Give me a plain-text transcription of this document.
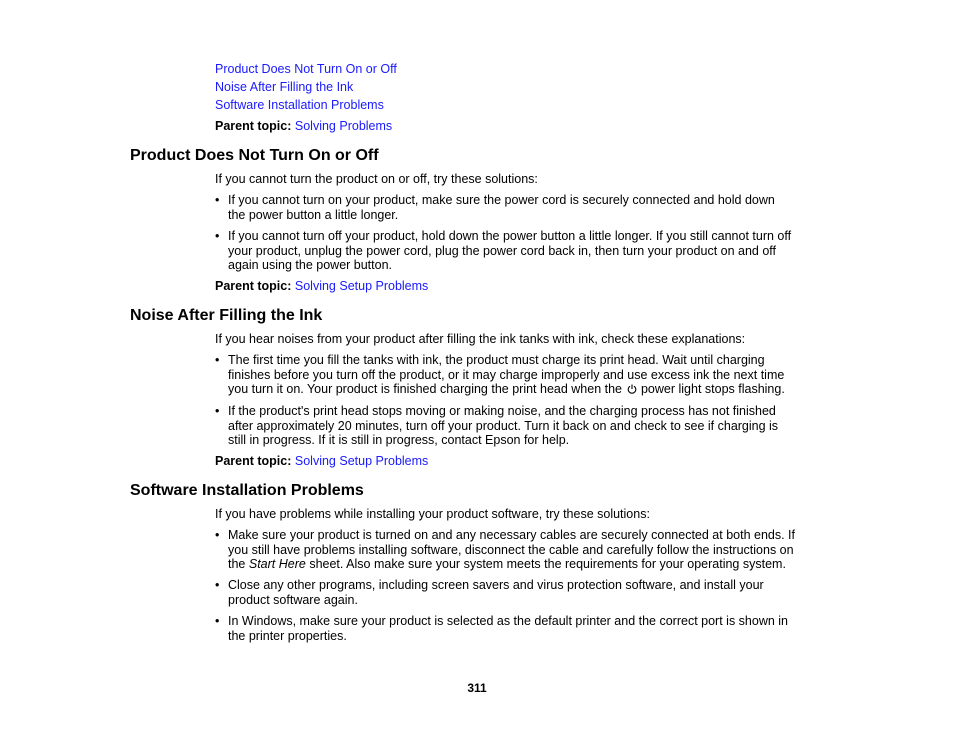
Product Does Not Turn On or Off
Noise After Filling the Ink
Software Installation Problems
Parent topic: Solving Problems
Product Does Not Turn On or Off
If you cannot turn the product on or off, try these solutions:
• If you cannot turn on your product, make sure the power cord is securely connected and hold down
the power button a little longer.
• If you cannot turn off your product, hold down the power button a little longer. If you still cannot turn off
your product, unplug the power cord, plug the power cord back in, then turn your product on and off
again using the power button.
Parent topic: Solving Setup Problems
Noise After Filling the Ink
If you hear noises from your product after filling the ink tanks with ink, check these explanations:
• The first time you fill the tanks with ink, the product must charge its print head. Wait until charging
finishes before you turn off the product, or it may charge improperly and use excess ink the next time
you turn it on. Your product is finished charging the print head when the power light stops flashing.
• If the product's print head stops moving or making noise, and the charging process has not finished
after approximately 20 minutes, turn off your product. Turn it back on and check to see if charging is
still in progress. If it is still in progress, contact Epson for help.
Parent topic: Solving Setup Problems
Software Installation Problems
If you have problems while installing your product software, try these solutions:
• Make sure your product is turned on and any necessary cables are securely connected at both ends. If
you still have problems installing software, disconnect the cable and carefully follow the instructions on
the Start Here sheet. Also make sure your system meets the requirements for your operating system.
• Close any other programs, including screen savers and virus protection software, and install your
product software again.
• In Windows, make sure your product is selected as the default printer and the correct port is shown in
the printer properties.
311
